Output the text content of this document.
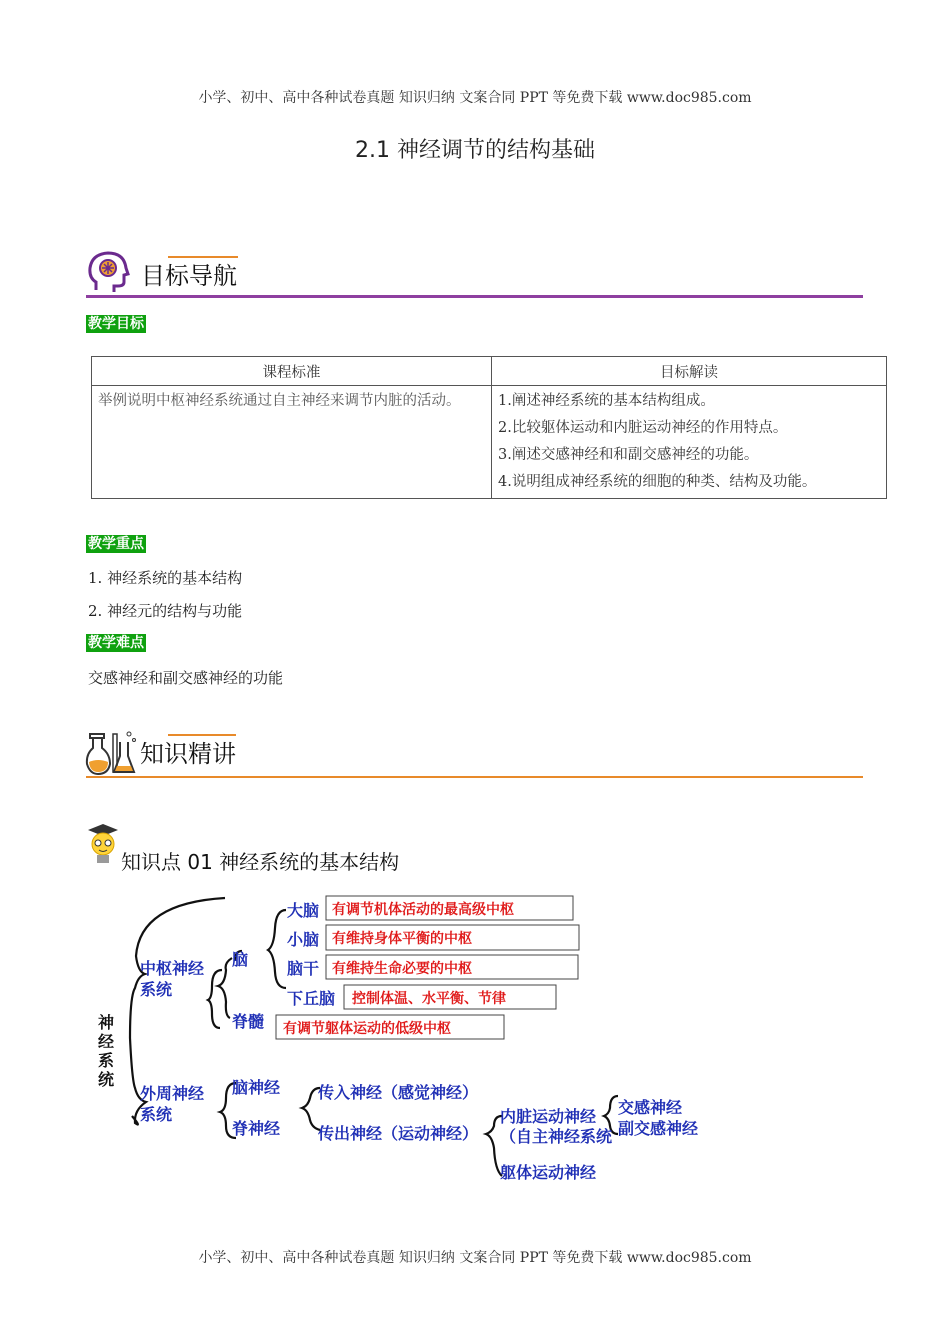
小学、初中、高中各种试卷真题 知识归纳 文案合同 PPT 等免费下载 www.doc985.com
2.1 神经调节的结构基础
目标导航
教学目标
课程标准	目标解读
举例说明中枢神经系统通过自主神经来调节内脏的活动。	1.阐述神经系统的基本结构组成。
2.比较躯体运动和内脏运动神经的作用特点。
3.阐述交感神经和和副交感神经的功能。
4.说明组成神经系统的细胞的种类、结构及功能。
教学重点
1. 神经系统的基本结构
2. 神经元的结构与功能
教学难点
交感神经和副交感神经的功能
知识精讲
知识点 01 神经系统的基本结构
神经系统
中枢神经系统
脑
脊髓
大脑 有调节机体活动的最高级中枢
小脑 有维持身体平衡的中枢
脑干 有维持生命必要的中枢
下丘脑 控制体温、水平衡、节律
有调节躯体运动的低级中枢
外周神经系统
脑神经
脊神经
传入神经（感觉神经）
传出神经（运动神经）
内脏运动神经
（自主神经系统
躯体运动神经
交感神经
副交感神经
小学、初中、高中各种试卷真题 知识归纳 文案合同 PPT 等免费下载 www.doc985.com
